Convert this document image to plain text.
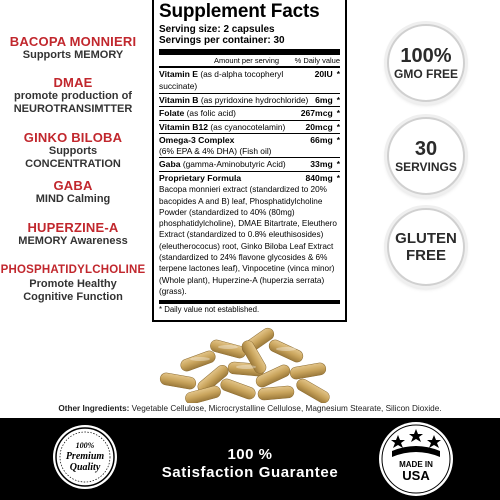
BACOPA MONNIERI
Supports MEMORY
DMAE
promote production of
NEUROTRANSIMTTER
GINKO BILOBA
Supports
CONCENTRATION
GABA
MIND Calming
HUPERZINE-A
MEMORY Awareness
PHOSPHATIDYLCHOLINE
Promote Healthy
Cognitive Function
Supplement Facts
Serving size: 2 capsules
Servings per container: 30
Amount per serving % Daily value
Vitamin E (as d-alpha tocopheryl succinate)
20IU *
Vitamin B (as pyridoxine hydrochloride) 6mg *
Folate (as folic acid)	267mcg *
Vitamin B12 (as cyanocotelamin) 20mcg *
Omega-3 Complex	66mg *
(6% EPA & 4% DHA) (Fish oil)
Gaba (gamma-Aminobutyric Acid)	33mg *
Proprietary Formula	840mg *
Bacopa monnieri extract (standardized to 20% bacopides A and B) leaf, Phosphatidylcholine Powder (standardized to 40% (80mg) phosphatidylcholine), DMAE Bitartrate, Eleuthero Extract (standardized to 0.8% eleuthisosides) (eleutherococus) root, Ginko Biloba Leaf Extract (standardized to 24% flavone glycosides & 6% terpene lactones leaf), Vinpocetine (vinca minor) (Whole plant), Huperzine-A (huperzia serrata) (grass).
* Daily value not established.
100%
GMO FREE
30
SERVINGS
GLUTEN
FREE
Other Ingredients: Vegetable Cellulose, Microcrystalline Cellulose, Magnesium Stearate, Silicon Dioxide.
100%
Premium
Quality
100 %
Satisfaction Guarantee	MADE IN
USA
